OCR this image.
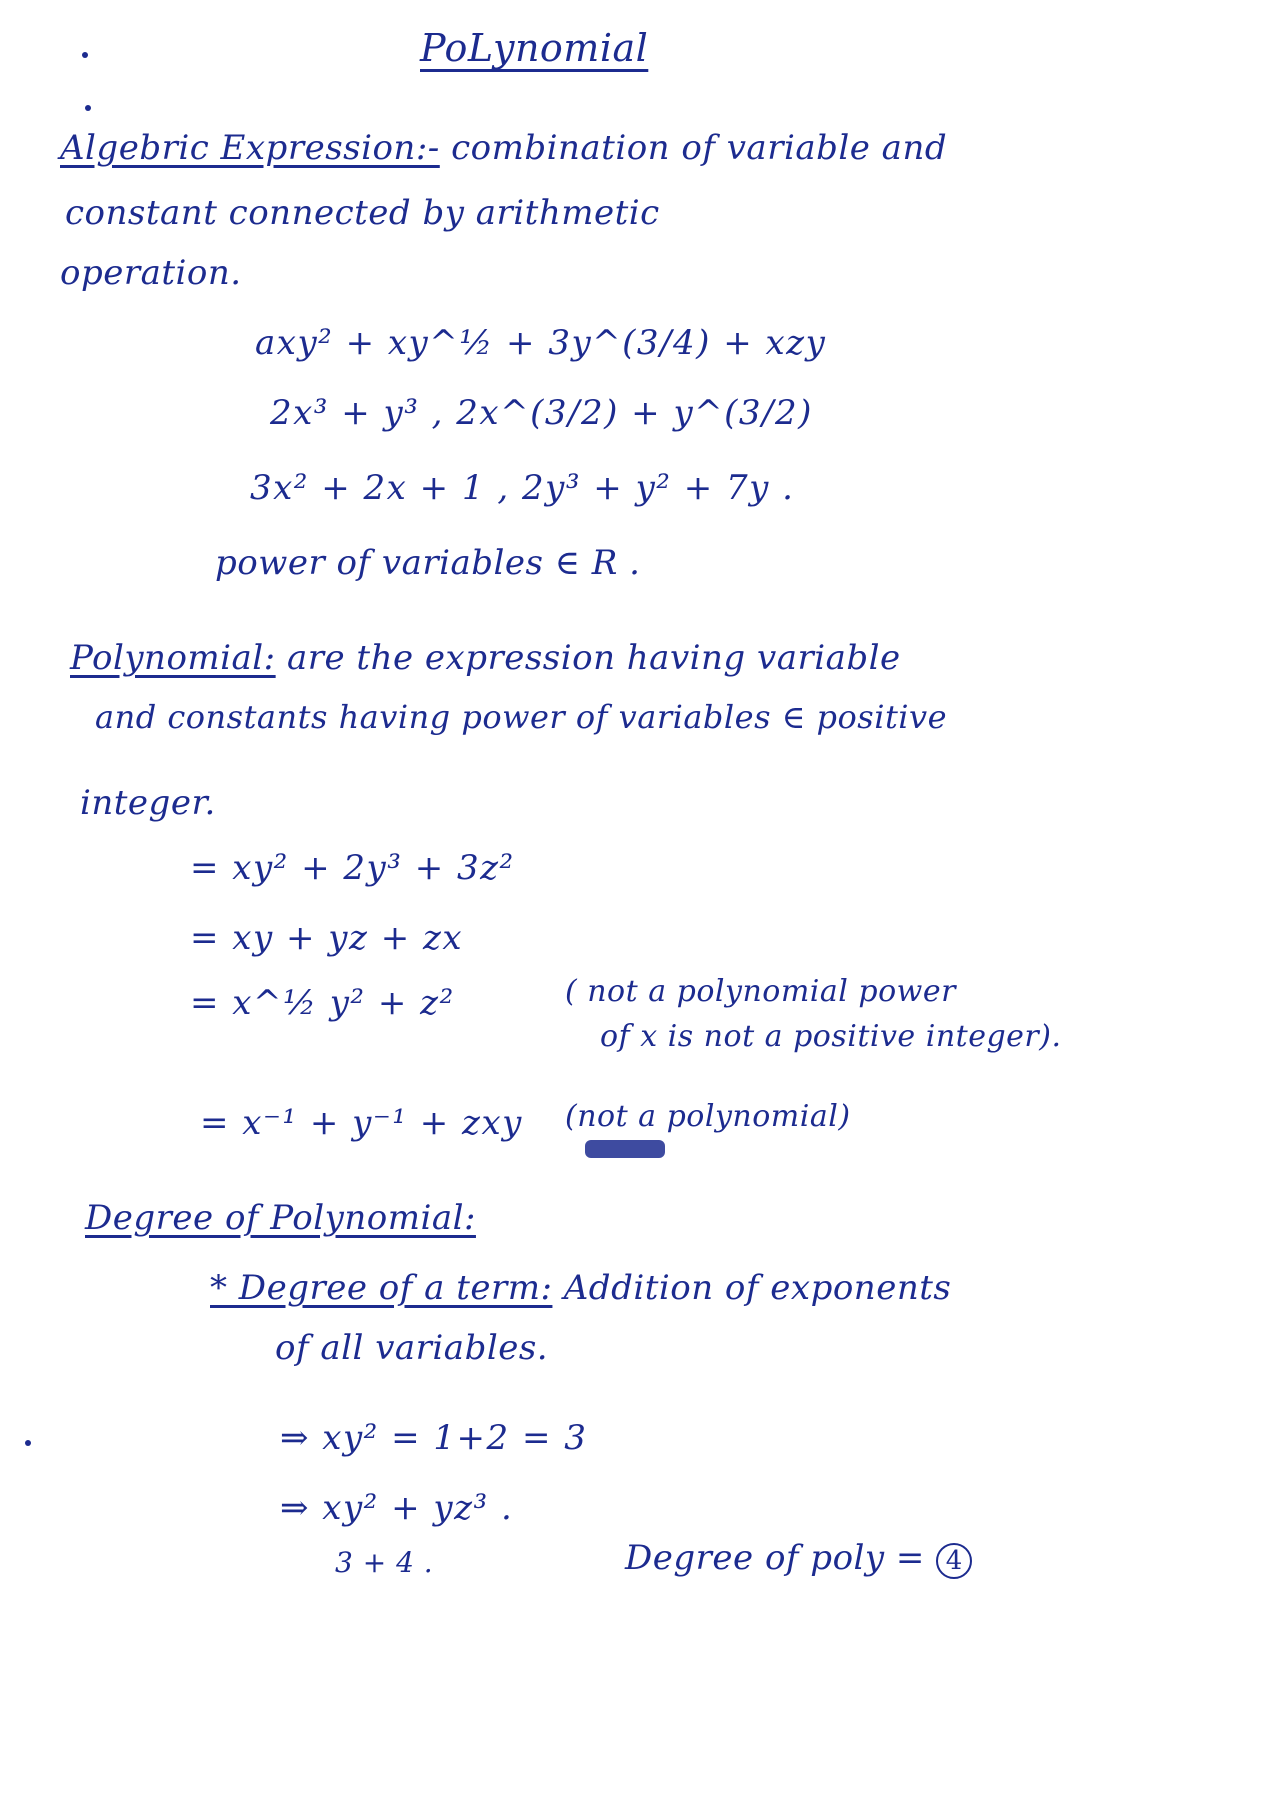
PoLynomial
Algebric Expression:- combination of variable and
constant connected by arithmetic
operation.
axy² + xy^½ + 3y^(3/4) + xzy
2x³ + y³ , 2x^(3/2) + y^(3/2)
3x² + 2x + 1 , 2y³ + y² + 7y .
power of variables ∈ R .
Polynomial: are the expression having variable
and constants having power of variables ∈ positive
integer.
= xy² + 2y³ + 3z²
= xy + yz + zx
= x^½ y² + z²	( not a polynomial power
of x is not a positive integer).
= x⁻¹ + y⁻¹ + zxy (not a polynomial)
Degree of Polynomial:
* Degree of a term: Addition of exponents
of all variables.
⇒ xy² = 1+2 = 3
⇒ xy² + yz³ .
3 + 4 .	Degree of poly = 4
